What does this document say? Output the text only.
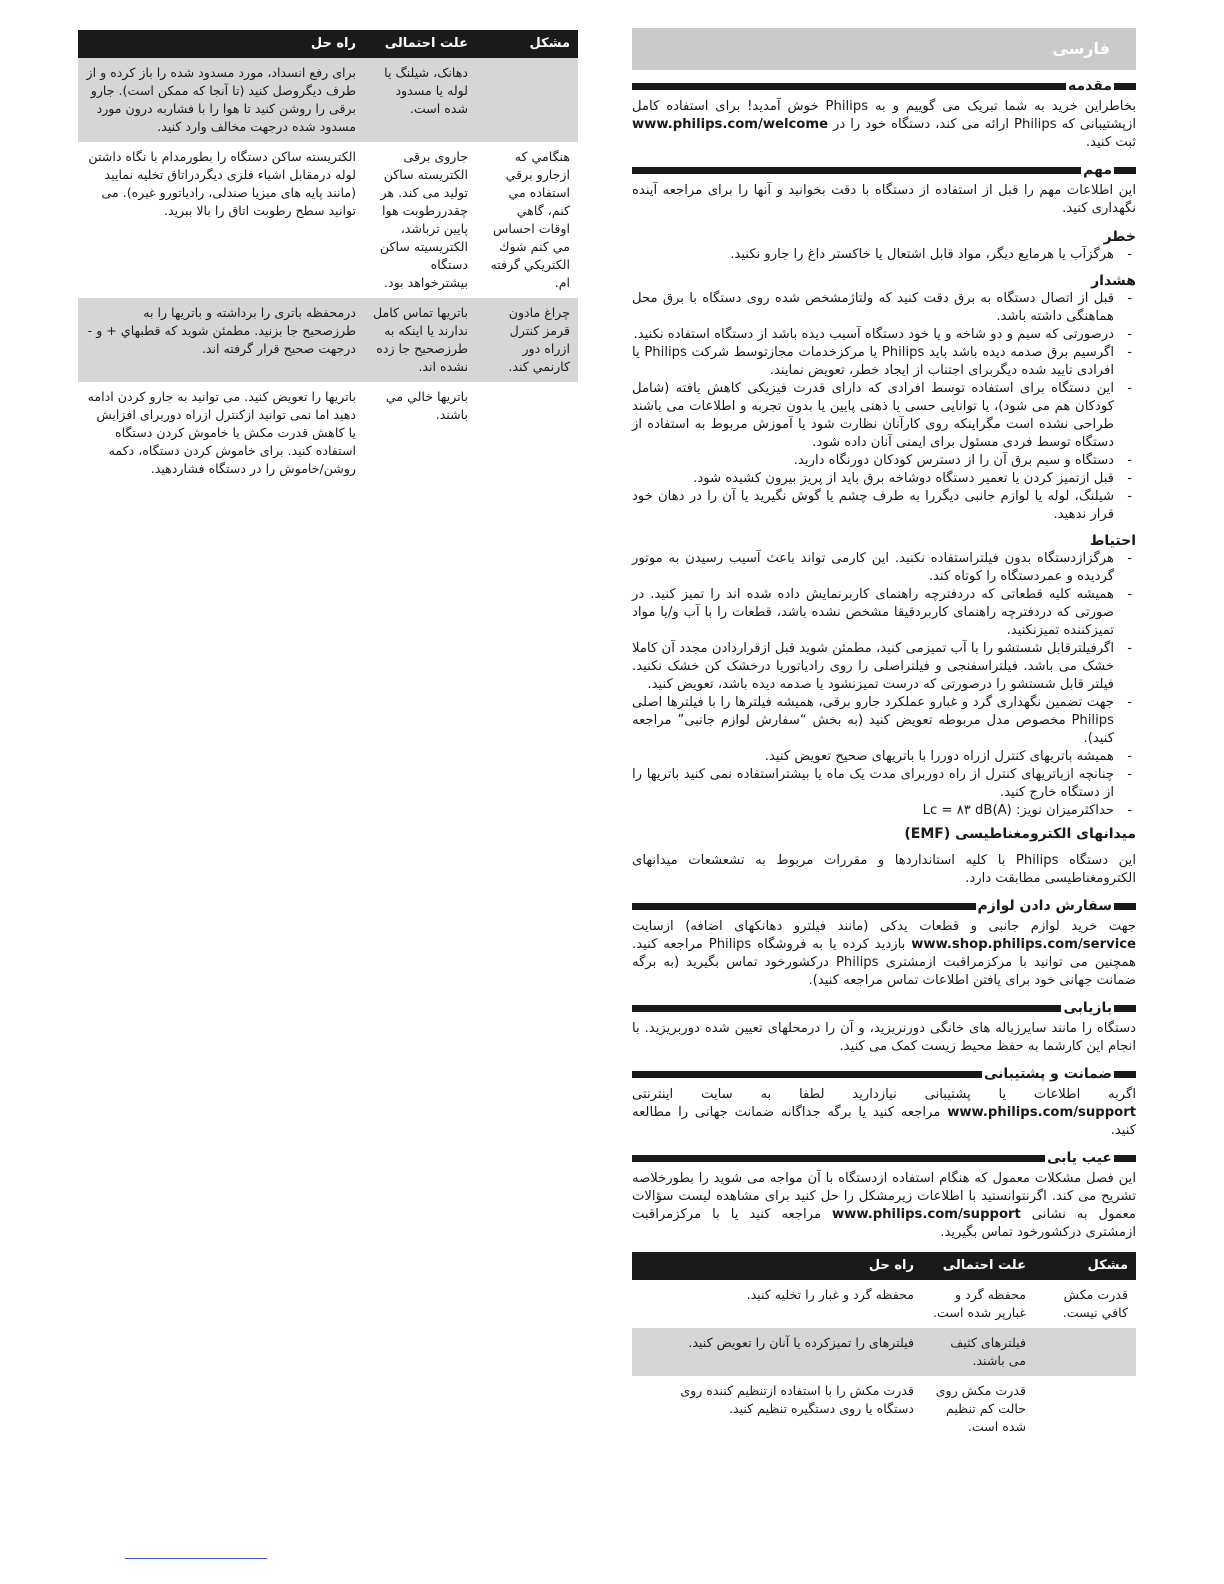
فارسی
مقدمه
بخاطراین خرید به شما تبریک می گوییم و به Philips خوش آمدید! برای استفاده کامل ازپشتیبانی که Philips ارائه می کند، دستگاه خود را در www.philips.com/welcome ثبت کنید.
مهم
این اطلاعات مهم را قبل از استفاده از دستگاه با دقت بخوانید و آنها را برای مراجعه آینده نگهداری کنید.
خطر
- هرگزآب یا هرمایع دیگر، مواد قابل اشتعال یا خاکستر داغ را جارو نکنید.
هشدار
- قبل از اتصال دستگاه به برق دقت کنید که ولتاژمشخص شده روی دستگاه با برق محل هماهنگی داشته باشد.
- درصورتی که سیم و دو شاخه و یا خود دستگاه آسیب دیده باشد از دستگاه استفاده نکنید.
- اگرسیم برق صدمه دیده باشد باید Philips یا مرکزخدمات مجازتوسط شرکت Philips یا افرادی تایید شده دیگربرای اجتناب از ایجاد خطر، تعویض نمایند.
- این دستگاه برای استفاده توسط افرادی که دارای قدرت فیزیکی کاهش یافته (شامل کودکان هم می شود)، یا توانایی حسی یا ذهنی پایین یا بدون تجربه و اطلاعات می باشند طراحی نشده است مگراینکه روی کارآنان نظارت شود یا آموزش مربوط به استفاده از دستگاه توسط فردی مسئول برای ایمنی آنان داده شود.
- دستگاه و سیم برق آن را از دسترس کودکان دورنگاه دارید.
- قبل ازتمیز کردن یا تعمیر دستگاه دوشاخه برق باید از پریز بیرون کشیده شود.
- شیلنگ، لوله یا لوازم جانبی دیگررا به طرف چشم یا گوش نگیرید یا آن را در دهان خود قرار ندهید.
احتیاط
- هرگزازدستگاه بدون فیلتراستفاده نکنید. این کارمی تواند باعث آسیب رسیدن به موتور گردیده و عمردستگاه را کوتاه کند.
- همیشه کلیه قطعاتی که دردفترچه راهنمای کاربرنمایش داده شده اند را تمیز کنید. در صورتی که دردفترچه راهنمای کاربردقیقا مشخص نشده باشد، قطعات را با آب و/یا مواد تمیزکننده تمیزنکنید.
- اگرفیلترقابل شستشو را با آب تمیزمی کنید، مطمئن شوید قبل ازقراردادن مجدد آن کاملا خشک می باشد. فیلتراسفنجی و فیلتراصلی را روی رادیاتوریا درخشک کن خشک نکنید. فیلتر قابل شستشو را درصورتی که درست تمیزنشود یا صدمه دیده باشد، تعویض کنید.
- جهت تضمین نگهداری گرد و غبارو عملکرد جارو برقی، همیشه فیلترها را با فیلترها اصلی Philips مخصوص مدل مربوطه تعویض کنید (به بخش “سفارش لوازم جانبی” مراجعه کنید).
- همیشه باتریهای کنترل ازراه دوررا با باتریهای صحیح تعویض کنید.
- چنانچه ازباتریهای کنترل از راه دوربرای مدت یک ماه یا بیشتراستفاده نمی کنید باتریها را از دستگاه خارج کنید.
- حداکثرمیزان نویز: Lc = ۸۳ dB(A)
میدانهای الکترومغناطیسی (EMF)
این دستگاه Philips با کلیه استانداردها و مقررات مربوط به تشعشعات میدانهای الکترومغناطیسی مطابقت دارد.
سفارش دادن لوازم
جهت خرید لوازم جانبی و قطعات یدکی (مانند فیلترو دهانکهای اضافه) ازسایت www.shop.philips.com/service بازدید کرده یا به فروشگاه Philips مراجعه کنید. همچنین می توانید با مرکزمراقبت ازمشتری Philips درکشورخود تماس بگیرید (به برگه ضمانت جهانی خود برای یافتن اطلاعات تماس مراجعه کنید).
بازیابی
دستگاه را مانند سایرزباله های خانگی دورنریزید، و آن را درمحلهای تعیین شده دوربریزید. با انجام این کارشما به حفظ محیط زیست کمک می کنید.
ضمانت و پشتیبانی
اگربه اطلاعات یا پشتیبانی نیازدارید لطفا به سایت اینترنتی www.philips.com/support مراجعه کنید یا برگه جداگانه ضمانت جهانی را مطالعه کنید.
عیب یابی
این فصل مشکلات معمول که هنگام استفاده ازدستگاه با آن مواجه می شوید را بطورخلاصه تشریح می کند. اگرنتوانستید با اطلاعات زیرمشکل را حل کنید برای مشاهده لیست سؤالات معمول به نشانی www.philips.com/support مراجعه کنید یا با مرکزمراقبت ازمشتری درکشورخود تماس بگیرید.
مشکل	علت احتمالی	راه حل
قدرت مکش کافي نیست.	محفظه گرد و غبارپر شده است.	محفظه گرد و غبار را تخلیه کنید.
	فیلترهای کثیف می باشند.	فیلترهای را تمیزکرده یا آنان را تعویض کنید.
	قدرت مکش روی حالت کم تنظیم شده است.	قدرت مکش را با استفاده ازتنظیم کننده روی دستگاه یا روی دستگیره تنظیم کنید.
مشکل	علت احتمالی	راه حل
	دهانک، شیلنگ یا لوله یا مسدود شده است.	برای رفع انسداد، مورد مسدود شده را باز کرده و از طرف دیگروصل کنید (تا آنجا که ممکن است). جارو برقی را روشن کنید تا هوا را با فشاربه درون مورد مسدود شده درجهت مخالف وارد کنید.
هنگامي که ازجارو برقي استفاده مي کنم، گاهي اوقات احساس مي کنم شوك الکتريکي گرفته ام.	جاروی برقی الکتریسته ساکن تولید می کند. هر چقدررطوبت هوا پایین ترباشد، الکتریسیته ساکن دستگاه بیشترخواهد بود.	الکتریسته ساکن دستگاه را بطورمدام با نگاه داشتن لوله درمقابل اشیاء فلزی دیگردراتاق تخلیه نمایید (مانند پایه های میزیا صندلی، رادیاتورو غیره). می توانید سطح رطوبت اتاق را بالا ببرید.
چراغ مادون قرمز کنترل ازراه دور کارنمي کند.	باتریها تماس کامل ندارند یا اینکه به طرزصحیح جا زده نشده اند.	درمحفظه باتری را برداشته و باتریها را به طرزصحیح جا بزنید. مطمئن شوید که قطبهاي + و - درجهت صحیح قرار گرفته اند.
	باتریها خالي مي باشند.	باتریها را تعویض کنید. می توانید به جارو کردن ادامه دهید اما نمی توانید ازکنترل ازراه دوربرای افزایش یا کاهش قدرت مکش یا خاموش کردن دستگاه استفاده کنید. برای خاموش کردن دستگاه، دکمه روشن/خاموش را در دستگاه فشاردهید.
